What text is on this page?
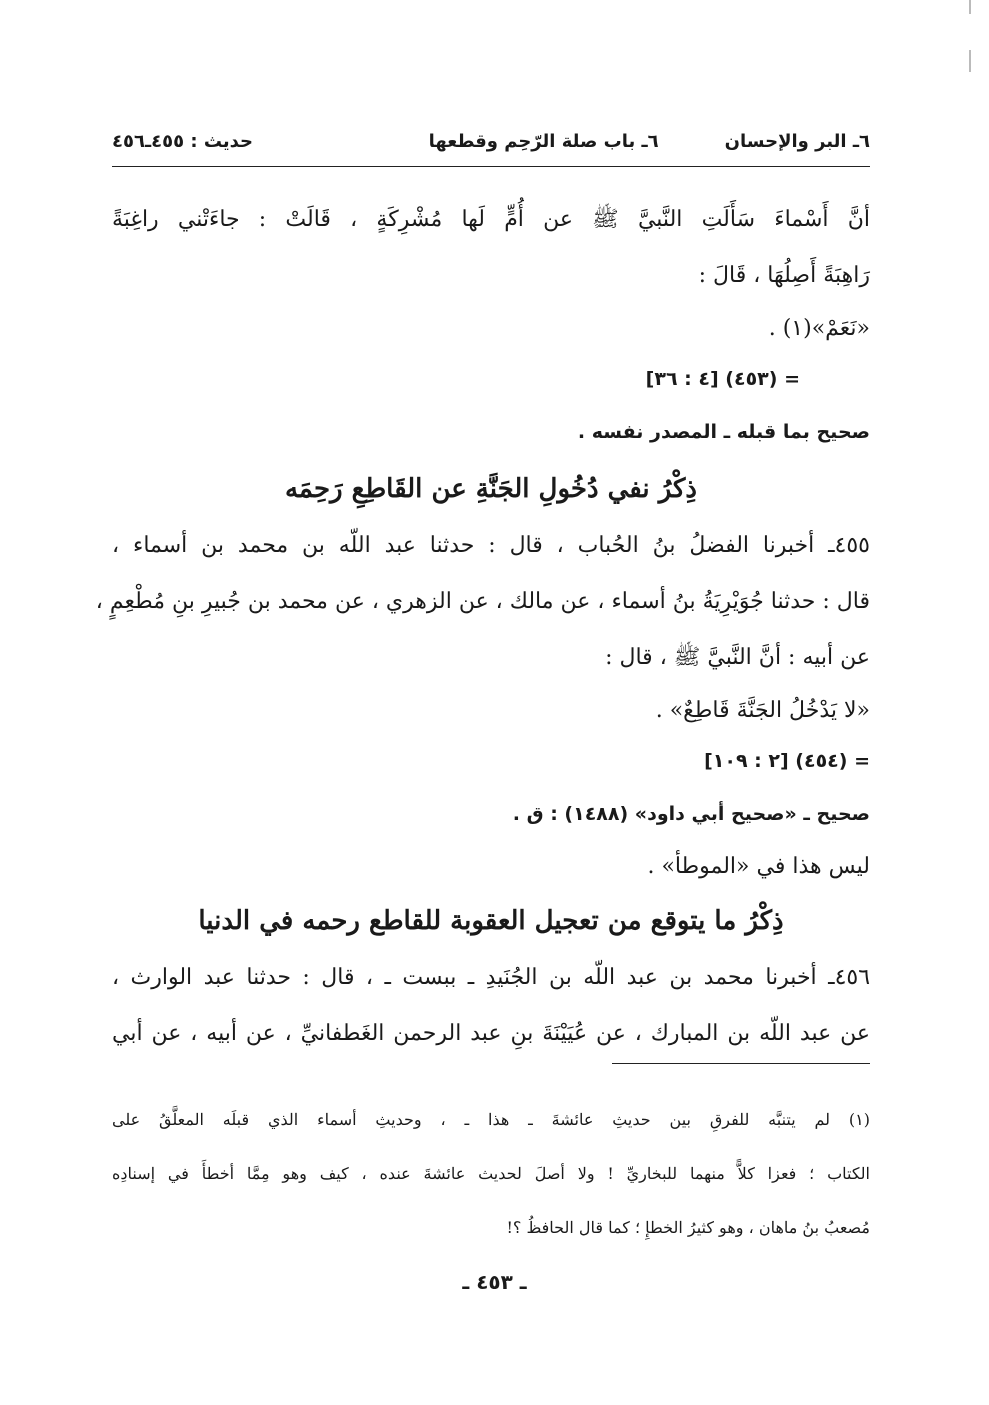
٦ـ البر والإحسان
٦ـ باب صلة الرّحِم وقطعها
حديث : ٤٥٥ـ٤٥٦
أنَّ أَسْماءَ سَأَلَتِ النَّبيَّ ﷺ عن أُمٍّ لَها مُشْرِكَةٍ ، قَالَتْ : جاءَتْني راغِبَةً
رَاهِبَةً أَصِلُهَا ، قَالَ :
«نَعَمْ»(١) .
= (٤٥٣) [٤ : ٣٦]
صحيح بما قبله ـ المصدر نفسه .
ذِكْرُ نفي دُخُولِ الجَنَّةِ عن القَاطِعِ رَحِمَه
٤٥٥ـ أخبرنا الفضلُ بنُ الحُباب ، قال : حدثنا عبد اللّه بن محمد بن أسماء ،
قال : حدثنا جُوَيْرِيَةُ بنُ أسماء ، عن مالك ، عن الزهري ، عن محمد بن جُبيرِ بنِ مُطْعِمٍ ،
عن أبيه : أنَّ النَّبيَّ ﷺ ، قال :
«لا يَدْخُلُ الجَنَّةَ قَاطِعٌ» .
= (٤٥٤) [٢ : ١٠٩]
صحيح ـ «صحيح أبي داود» (١٤٨٨) : ق .
ليس هذا في «الموطأ» .
ذِكْرُ ما يتوقع من تعجيل العقوبة للقاطع رحمه في الدنيا
٤٥٦ـ أخبرنا محمد بن عبد اللّه بن الجُنَيدِ ـ ببست ـ ، قال : حدثنا عبد الوارث ،
عن عبد اللّه بن المبارك ، عن عُيَيْنَةَ بنِ عبد الرحمن الغَطفانيِّ ، عن أبيه ، عن أبي
(١) لم يتنبَّه للفرقِ بين حديثِ عائشةَ ـ هذا ـ ، وحديثِ أسماء الذي قبلَه المعلَّقُ على
الكتاب ؛ فعزا كلاًّ منهما للبخاريِّ ! ولا أصلَ لحديث عائشةَ عنده ، كيف وهو مِمَّا أخطأَ في إسنادِه
مُصعبُ بنُ ماهان ، وهو كثيرُ الخطإِ ؛ كما قال الحافظُ ؟!
ـ ٤٥٣ ـ
